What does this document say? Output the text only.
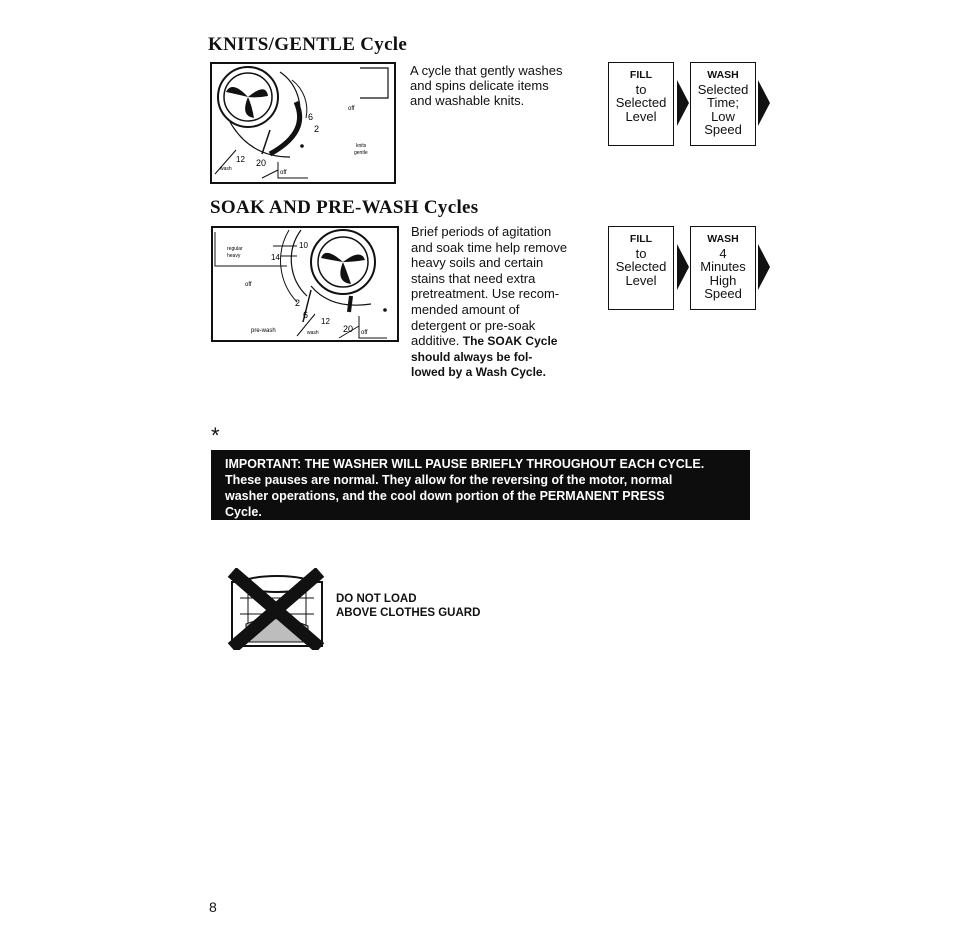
KNITS/GENTLE Cycle
off
knits
gentle
6
2
12 20
wash
off
A cycle that gently washes
and spins delicate items
and washable knits.
FILL
to
Selected
Level
WASH
Selected
Time;
Low
Speed
SOAK AND PRE-WASH Cycles
regular
heavy
10
14
off
2
6
12
20
wash
pre-wash	off
Brief periods of agitation
and soak time help remove
heavy soils and certain
stains that need extra
pretreatment. Use recom-
mended amount of
detergent or pre-soak
additive. The SOAK Cycle
should always be fol-
lowed by a Wash Cycle.
FILL
to
Selected
Level
WASH
4
Minutes
High
Speed
*
IMPORTANT: THE WASHER WILL PAUSE BRIEFLY THROUGHOUT EACH CYCLE.
These pauses are normal. They allow for the reversing of the motor, normal
washer operations, and the cool down portion of the PERMANENT PRESS
Cycle.
DO NOT LOAD
ABOVE CLOTHES GUARD
8
